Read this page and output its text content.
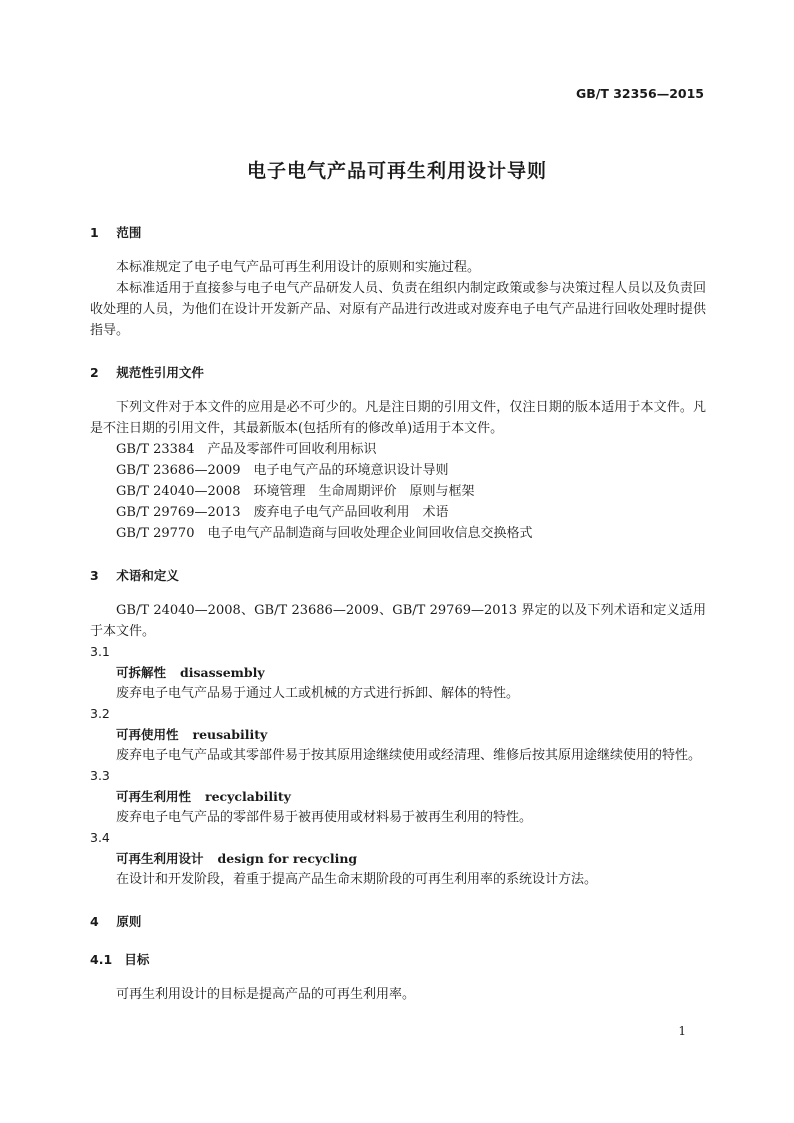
GB/T 32356—2015
电子电气产品可再生利用设计导则
1 范围

本标准规定了电子电气产品可再生利用设计的原则和实施过程。

本标准适用于直接参与电子电气产品研发人员、负责在组织内制定政策或参与决策过程人员以及负责回收处理的人员，为他们在设计开发新产品、对原有产品进行改进或对废弃电子电气产品进行回收处理时提供指导。

2 规范性引用文件

下列文件对于本文件的应用是必不可少的。凡是注日期的引用文件，仅注日期的版本适用于本文件。凡是不注日期的引用文件，其最新版本(包括所有的修改单)适用于本文件。

GB/T 23384　产品及零部件可回收利用标识

GB/T 23686—2009　电子电气产品的环境意识设计导则

GB/T 24040—2008　环境管理　生命周期评价　原则与框架

GB/T 29769—2013　废弃电子电气产品回收利用　术语

GB/T 29770　电子电气产品制造商与回收处理企业间回收信息交换格式

3 术语和定义

GB/T 24040—2008、GB/T 23686—2009、GB/T 29769—2013 界定的以及下列术语和定义适用于本文件。

3.1
可拆解性 disassembly

废弃电子电气产品易于通过人工或机械的方式进行拆卸、解体的特性。

3.2
可再使用性 reusability

废弃电子电气产品或其零部件易于按其原用途继续使用或经清理、维修后按其原用途继续使用的特性。

3.3
可再生利用性 recyclability

废弃电子电气产品的零部件易于被再使用或材料易于被再生利用的特性。

3.4
可再生利用设计 design for recycling

在设计和开发阶段，着重于提高产品生命末期阶段的可再生利用率的系统设计方法。

4 原则
4.1 目标

可再生利用设计的目标是提高产品的可再生利用率。

1
